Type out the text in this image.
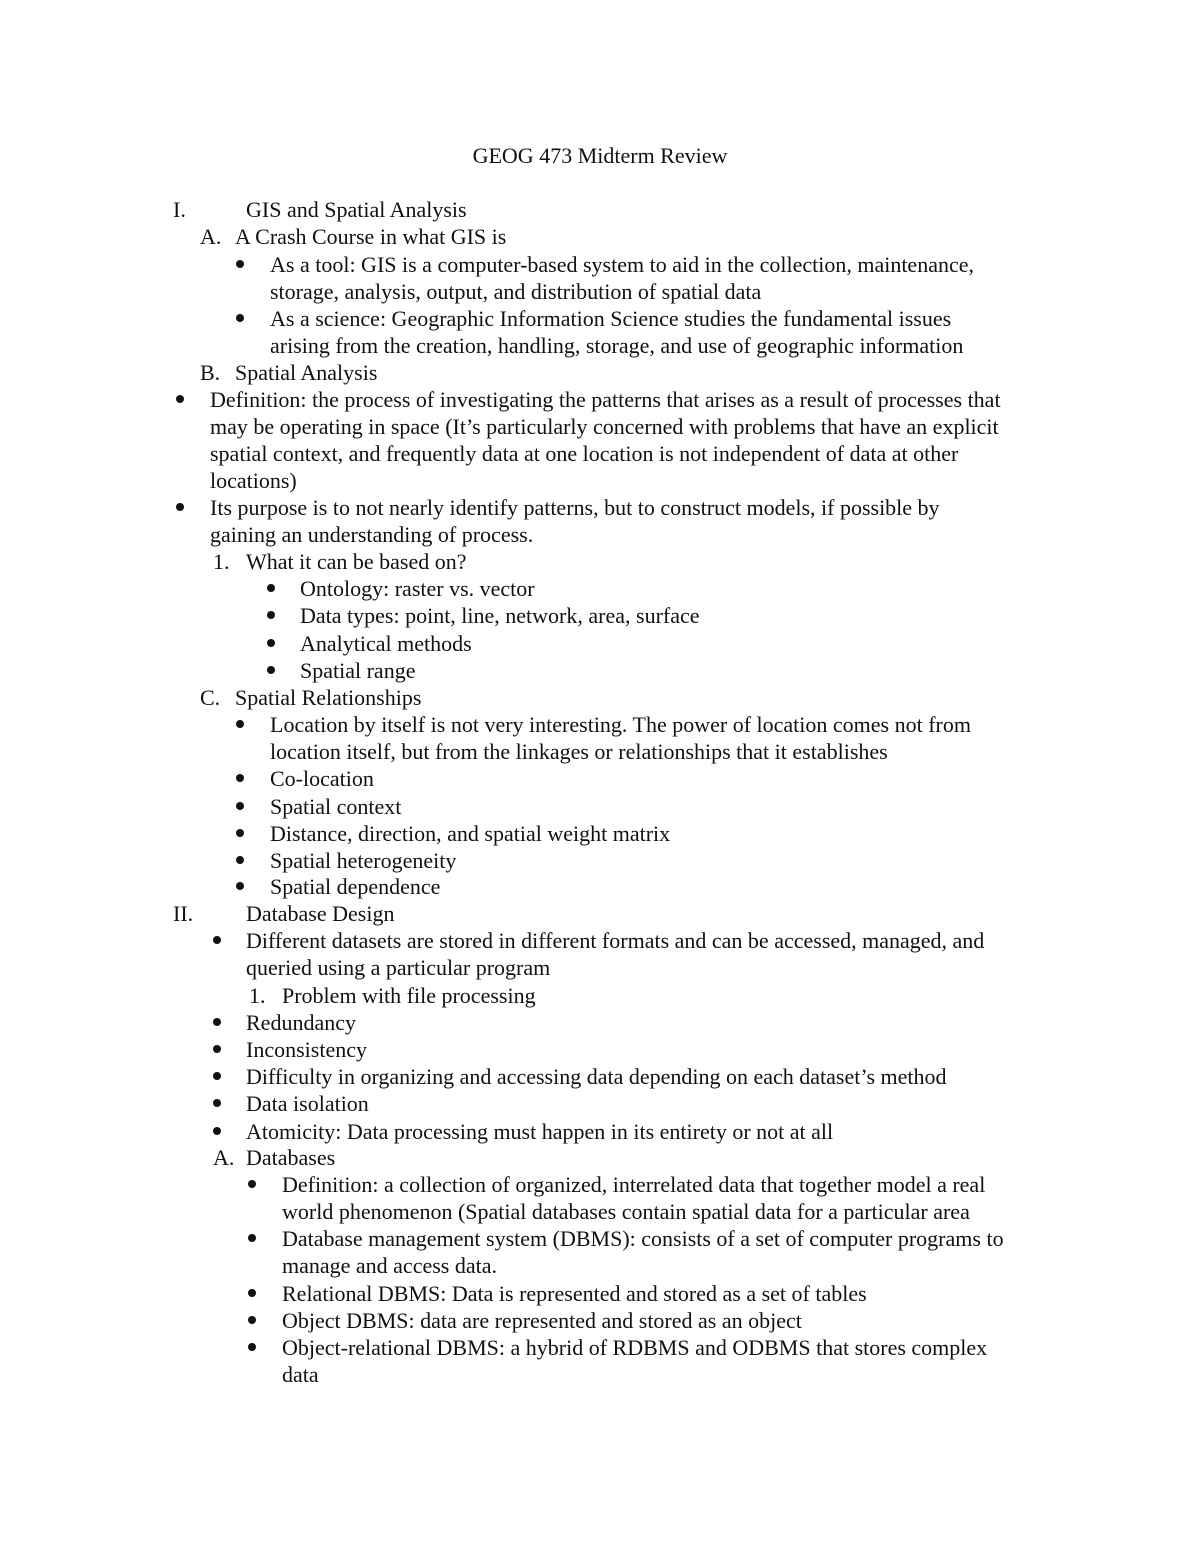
GEOG 473 Midterm Review
I.	GIS and Spatial Analysis
A. A Crash Course in what GIS is
As a tool: GIS is a computer-based system to aid in the collection, maintenance,
storage, analysis, output, and distribution of spatial data
As a science: Geographic Information Science studies the fundamental issues
arising from the creation, handling, storage, and use of geographic information
B. Spatial Analysis
Definition: the process of investigating the patterns that arises as a result of processes that
may be operating in space (It’s particularly concerned with problems that have an explicit
spatial context, and frequently data at one location is not independent of data at other
locations)
Its purpose is to not nearly identify patterns, but to construct models, if possible by
gaining an understanding of process.
1. What it can be based on?
Ontology: raster vs. vector
Data types: point, line, network, area, surface
Analytical methods
Spatial range
C. Spatial Relationships
Location by itself is not very interesting. The power of location comes not from
location itself, but from the linkages or relationships that it establishes
Co-location
Spatial context
Distance, direction, and spatial weight matrix
Spatial heterogeneity
Spatial dependence
II. Database Design
Different datasets are stored in different formats and can be accessed, managed, and
queried using a particular program
1. Problem with file processing
Redundancy
Inconsistency
Difficulty in organizing and accessing data depending on each dataset’s method
Data isolation
Atomicity: Data processing must happen in its entirety or not at all
A. Databases
Definition: a collection of organized, interrelated data that together model a real
world phenomenon (Spatial databases contain spatial data for a particular area
Database management system (DBMS): consists of a set of computer programs to
manage and access data.
Relational DBMS: Data is represented and stored as a set of tables
Object DBMS: data are represented and stored as an object
Object-relational DBMS: a hybrid of RDBMS and ODBMS that stores complex
data
